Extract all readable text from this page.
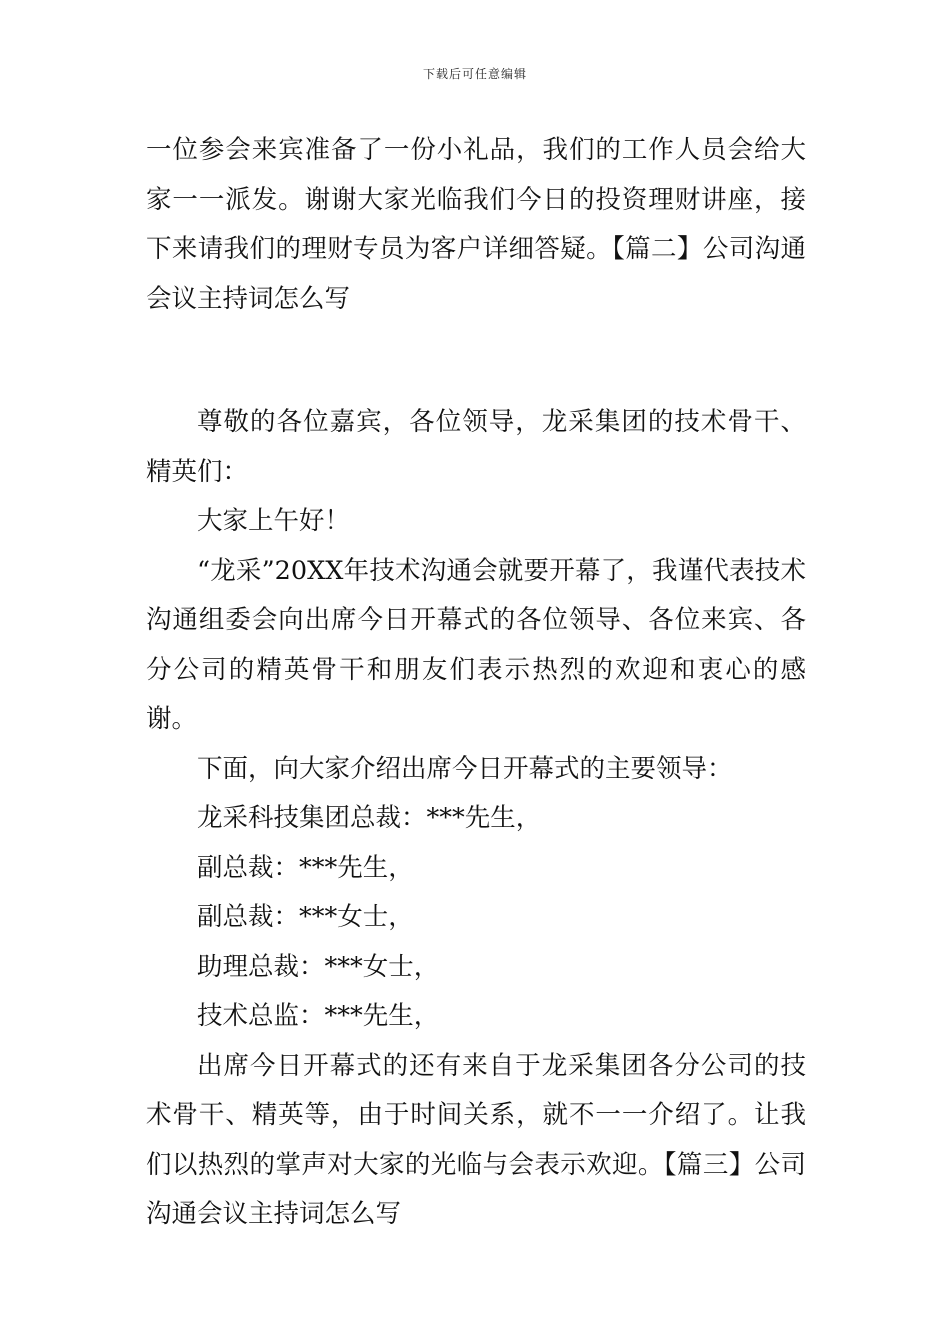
下载后可任意编辑

一位参会来宾准备了一份小礼品，我们的工作人员会给大家一一派发。谢谢大家光临我们今日的投资理财讲座，接下来请我们的理财专员为客户详细答疑。【篇二】公司沟通会议主持词怎么写

尊敬的各位嘉宾，各位领导，龙采集团的技术骨干、精英们：

大家上午好！

“龙采”20XX年技术沟通会就要开幕了，我谨代表技术沟通组委会向出席今日开幕式的各位领导、各位来宾、各分公司的精英骨干和朋友们表示热烈的欢迎和衷心的感谢。

下面，向大家介绍出席今日开幕式的主要领导：

龙采科技集团总裁：***先生，

副总裁：***先生，

副总裁：***女士，

助理总裁：***女士，

技术总监：***先生，

出席今日开幕式的还有来自于龙采集团各分公司的技术骨干、精英等，由于时间关系，就不一一介绍了。让我们以热烈的掌声对大家的光临与会表示欢迎。【篇三】公司沟通会议主持词怎么写
